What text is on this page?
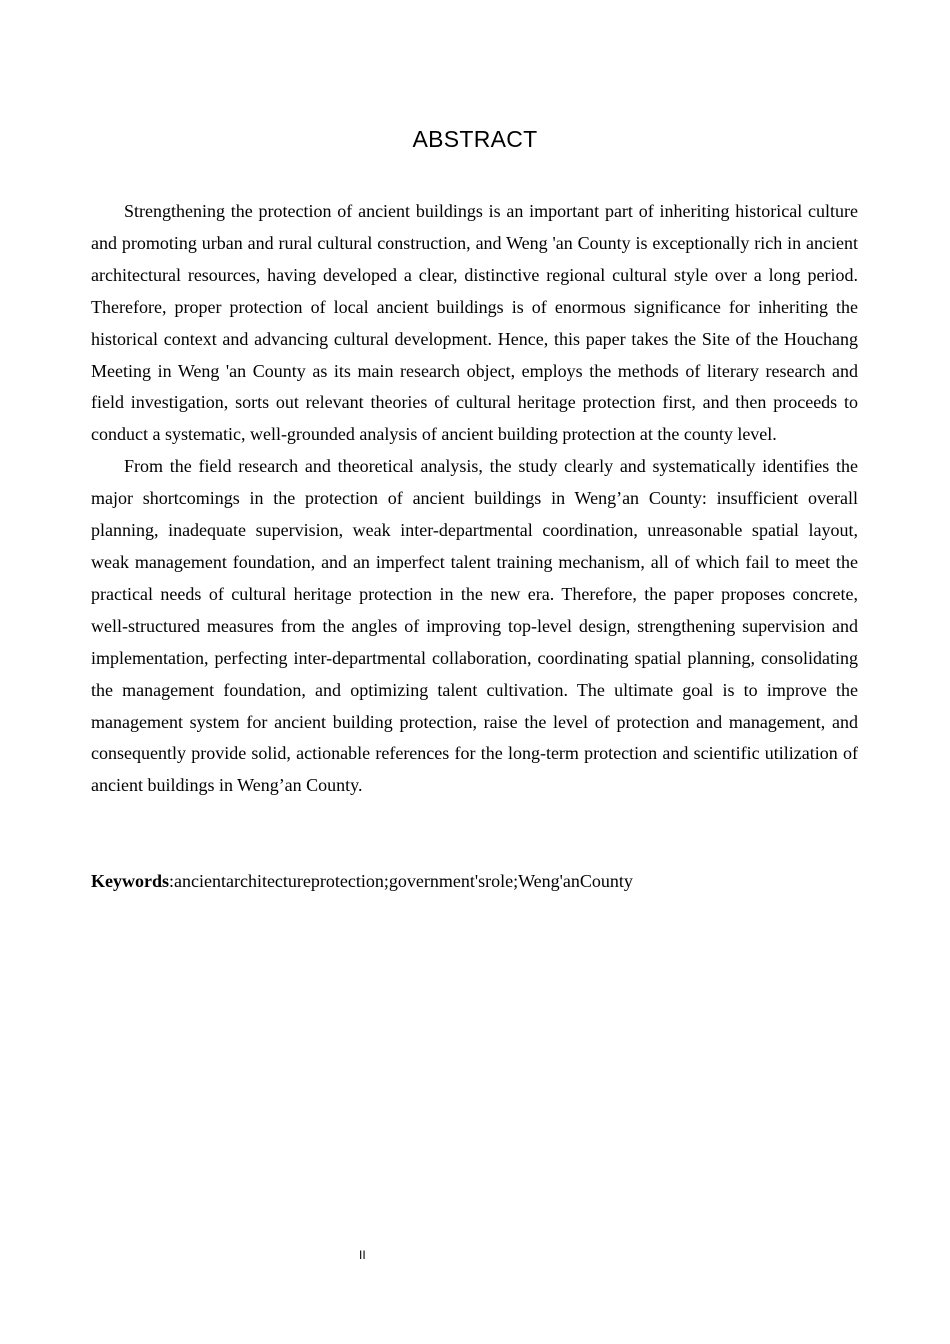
ABSTRACT

Strengthening the protection of ancient buildings is an important part of inheriting historical culture and promoting urban and rural cultural construction, and Weng 'an County is exceptionally rich in ancient architectural resources, having developed a clear, distinctive regional cultural style over a long period. Therefore, proper protection of local ancient buildings is of enormous significance for inheriting the historical context and advancing cultural development. Hence, this paper takes the Site of the Houchang Meeting in Weng 'an County as its main research object, employs the methods of literary research and field investigation, sorts out relevant theories of cultural heritage protection first, and then proceeds to conduct a systematic, well-grounded analysis of ancient building protection at the county level.

From the field research and theoretical analysis, the study clearly and systematically identifies the major shortcomings in the protection of ancient buildings in Weng’an County: insufficient overall planning, inadequate supervision, weak inter-departmental coordination, unreasonable spatial layout, weak management foundation, and an imperfect talent training mechanism, all of which fail to meet the practical needs of cultural heritage protection in the new era. Therefore, the paper proposes concrete, well-structured measures from the angles of improving top-level design, strengthening supervision and implementation, perfecting inter-departmental collaboration, coordinating spatial planning, consolidating the management foundation, and optimizing talent cultivation. The ultimate goal is to improve the management system for ancient building protection, raise the level of protection and management, and consequently provide solid, actionable references for the long-term protection and scientific utilization of ancient buildings in Weng’an County.

Keywords:ancientarchitectureprotection;government'srole;Weng'anCounty
II
